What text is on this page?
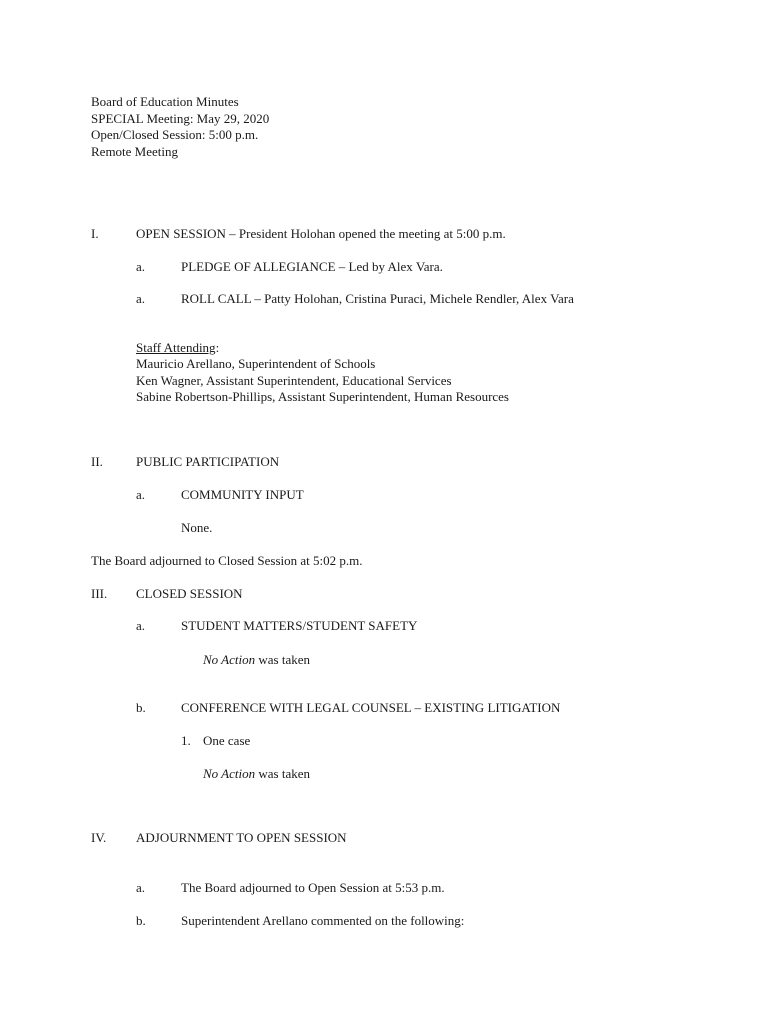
Board of Education Minutes
SPECIAL Meeting: May 29, 2020
Open/Closed Session: 5:00 p.m.
Remote Meeting
I.	OPEN SESSION – President Holohan opened the meeting at 5:00 p.m.
a.	PLEDGE OF ALLEGIANCE – Led by Alex Vara.
a.	ROLL CALL – Patty Holohan, Cristina Puraci, Michele Rendler, Alex Vara
Staff Attending:
Mauricio Arellano, Superintendent of Schools
Ken Wagner, Assistant Superintendent, Educational Services
Sabine Robertson-Phillips, Assistant Superintendent, Human Resources
II.	PUBLIC PARTICIPATION
a.	COMMUNITY INPUT
None.
The Board adjourned to Closed Session at 5:02 p.m.
III. CLOSED SESSION
a.	STUDENT MATTERS/STUDENT SAFETY
No Action was taken
b.	CONFERENCE WITH LEGAL COUNSEL – EXISTING LITIGATION
1. One case
No Action was taken
IV. ADJOURNMENT TO OPEN SESSION
a.	The Board adjourned to Open Session at 5:53 p.m.
b.	Superintendent Arellano commented on the following:
